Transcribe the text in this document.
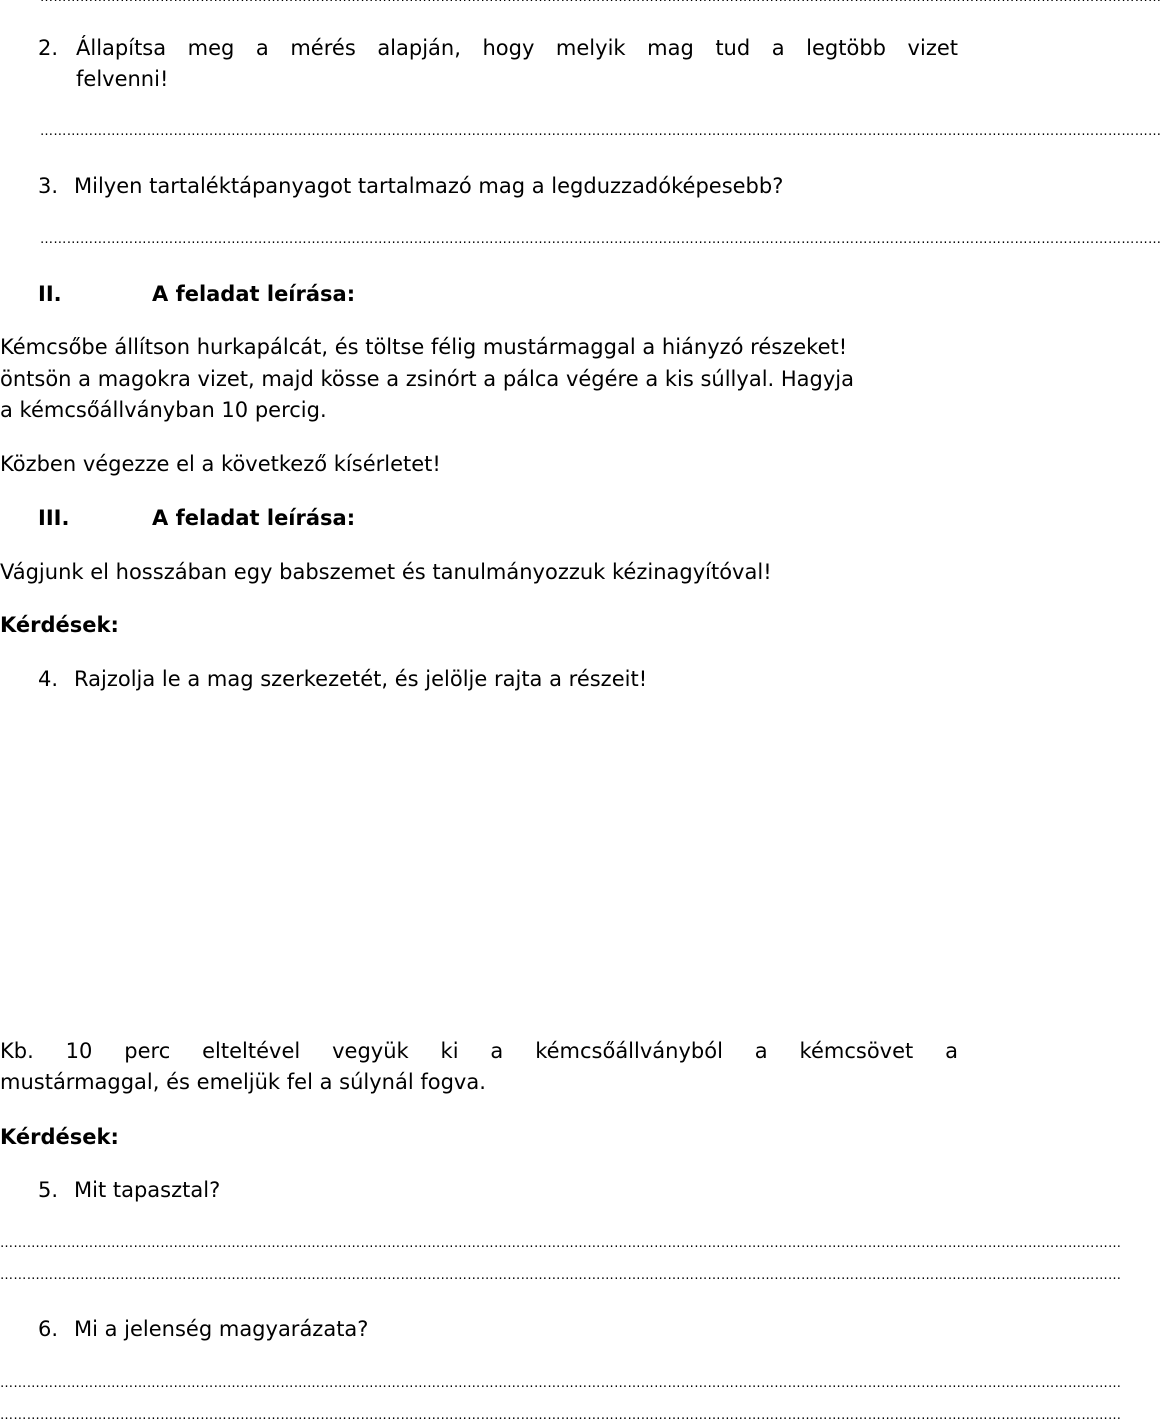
2. Állapítsa meg a mérés alapján, hogy melyik mag tud a legtöbb vizet
felvenni!
………………………………………………………………………………………………………………………………………………………………………………………………………………………………
3. Milyen tartaléktápanyagot tartalmazó mag a legduzzadóképesebb?
………………………………………………………………………………………………………………………………………………………………………………………………………………………………
II.	A feladat leírása:
Kémcsőbe állítson hurkapálcát, és töltse félig mustármaggal a hiányzó részeket!
öntsön a magokra vizet, majd kösse a zsinórt a pálca végére a kis súllyal. Hagyja
a kémcsőállványban 10 percig.
Közben végezze el a következő kísérletet!
III.	A feladat leírása:
Vágjunk el hosszában egy babszemet és tanulmányozzuk kézinagyítóval!
Kérdések:
4. Rajzolja le a mag szerkezetét, és jelölje rajta a részeit!
Kb. 10 perc elteltével vegyük ki a kémcsőállványból a kémcsövet a
mustármaggal, és emeljük fel a súlynál fogva.
Kérdések:
5. Mit tapasztal?
………………………………………………………………………………………………………………………………………………………………………………………………………………………………
………………………………………………………………………………………………………………………………………………………………………………………………………………………………
6. Mi a jelenség magyarázata?
………………………………………………………………………………………………………………………………………………………………………………………………………………………………
………………………………………………………………………………………………………………………………………………………………………………………………………………………………
